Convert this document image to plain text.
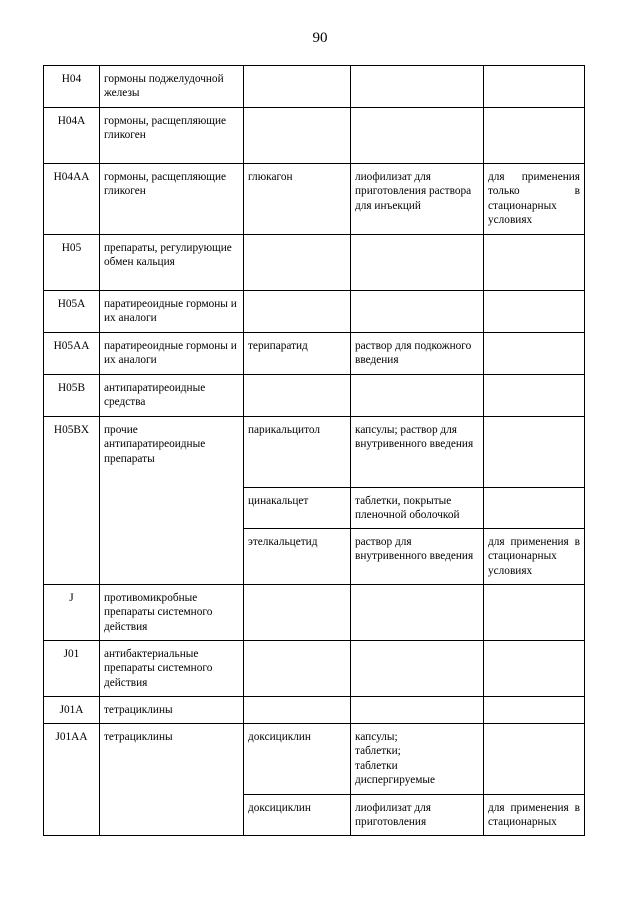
90
H04	гормоны поджелудочной железы			
H04A	гормоны, расщепляющие гликоген			
H04AA	гормоны, расщепляющие гликоген	глюкагон	лиофилизат для приготовления раствора для инъекций	для применения только в стационарных условиях
H05	препараты, регулирующие обмен кальция			
H05A	паратиреоидные гормоны и их аналоги			
H05AA	паратиреоидные гормоны и их аналоги	терипаратид	раствор для подкожного введения	
H05B	антипаратиреоидные средства			
H05BX	прочие антипаратиреоидные препараты	парикальцитол	капсулы; раствор для внутривенного введения	
		цинакальцет	таблетки, покрытые пленочной оболочкой	
		этелкальцетид	раствор для внутривенного введения	для применения в стационарных условиях
J	противомикробные препараты системного действия			
J01	антибактериальные препараты системного действия			
J01A	тетрациклины			
J01AA	тетрациклины	доксициклин	капсулы;
таблетки;
таблетки диспергируемые	
		доксициклин	лиофилизат для приготовления	для применения в стационарных
